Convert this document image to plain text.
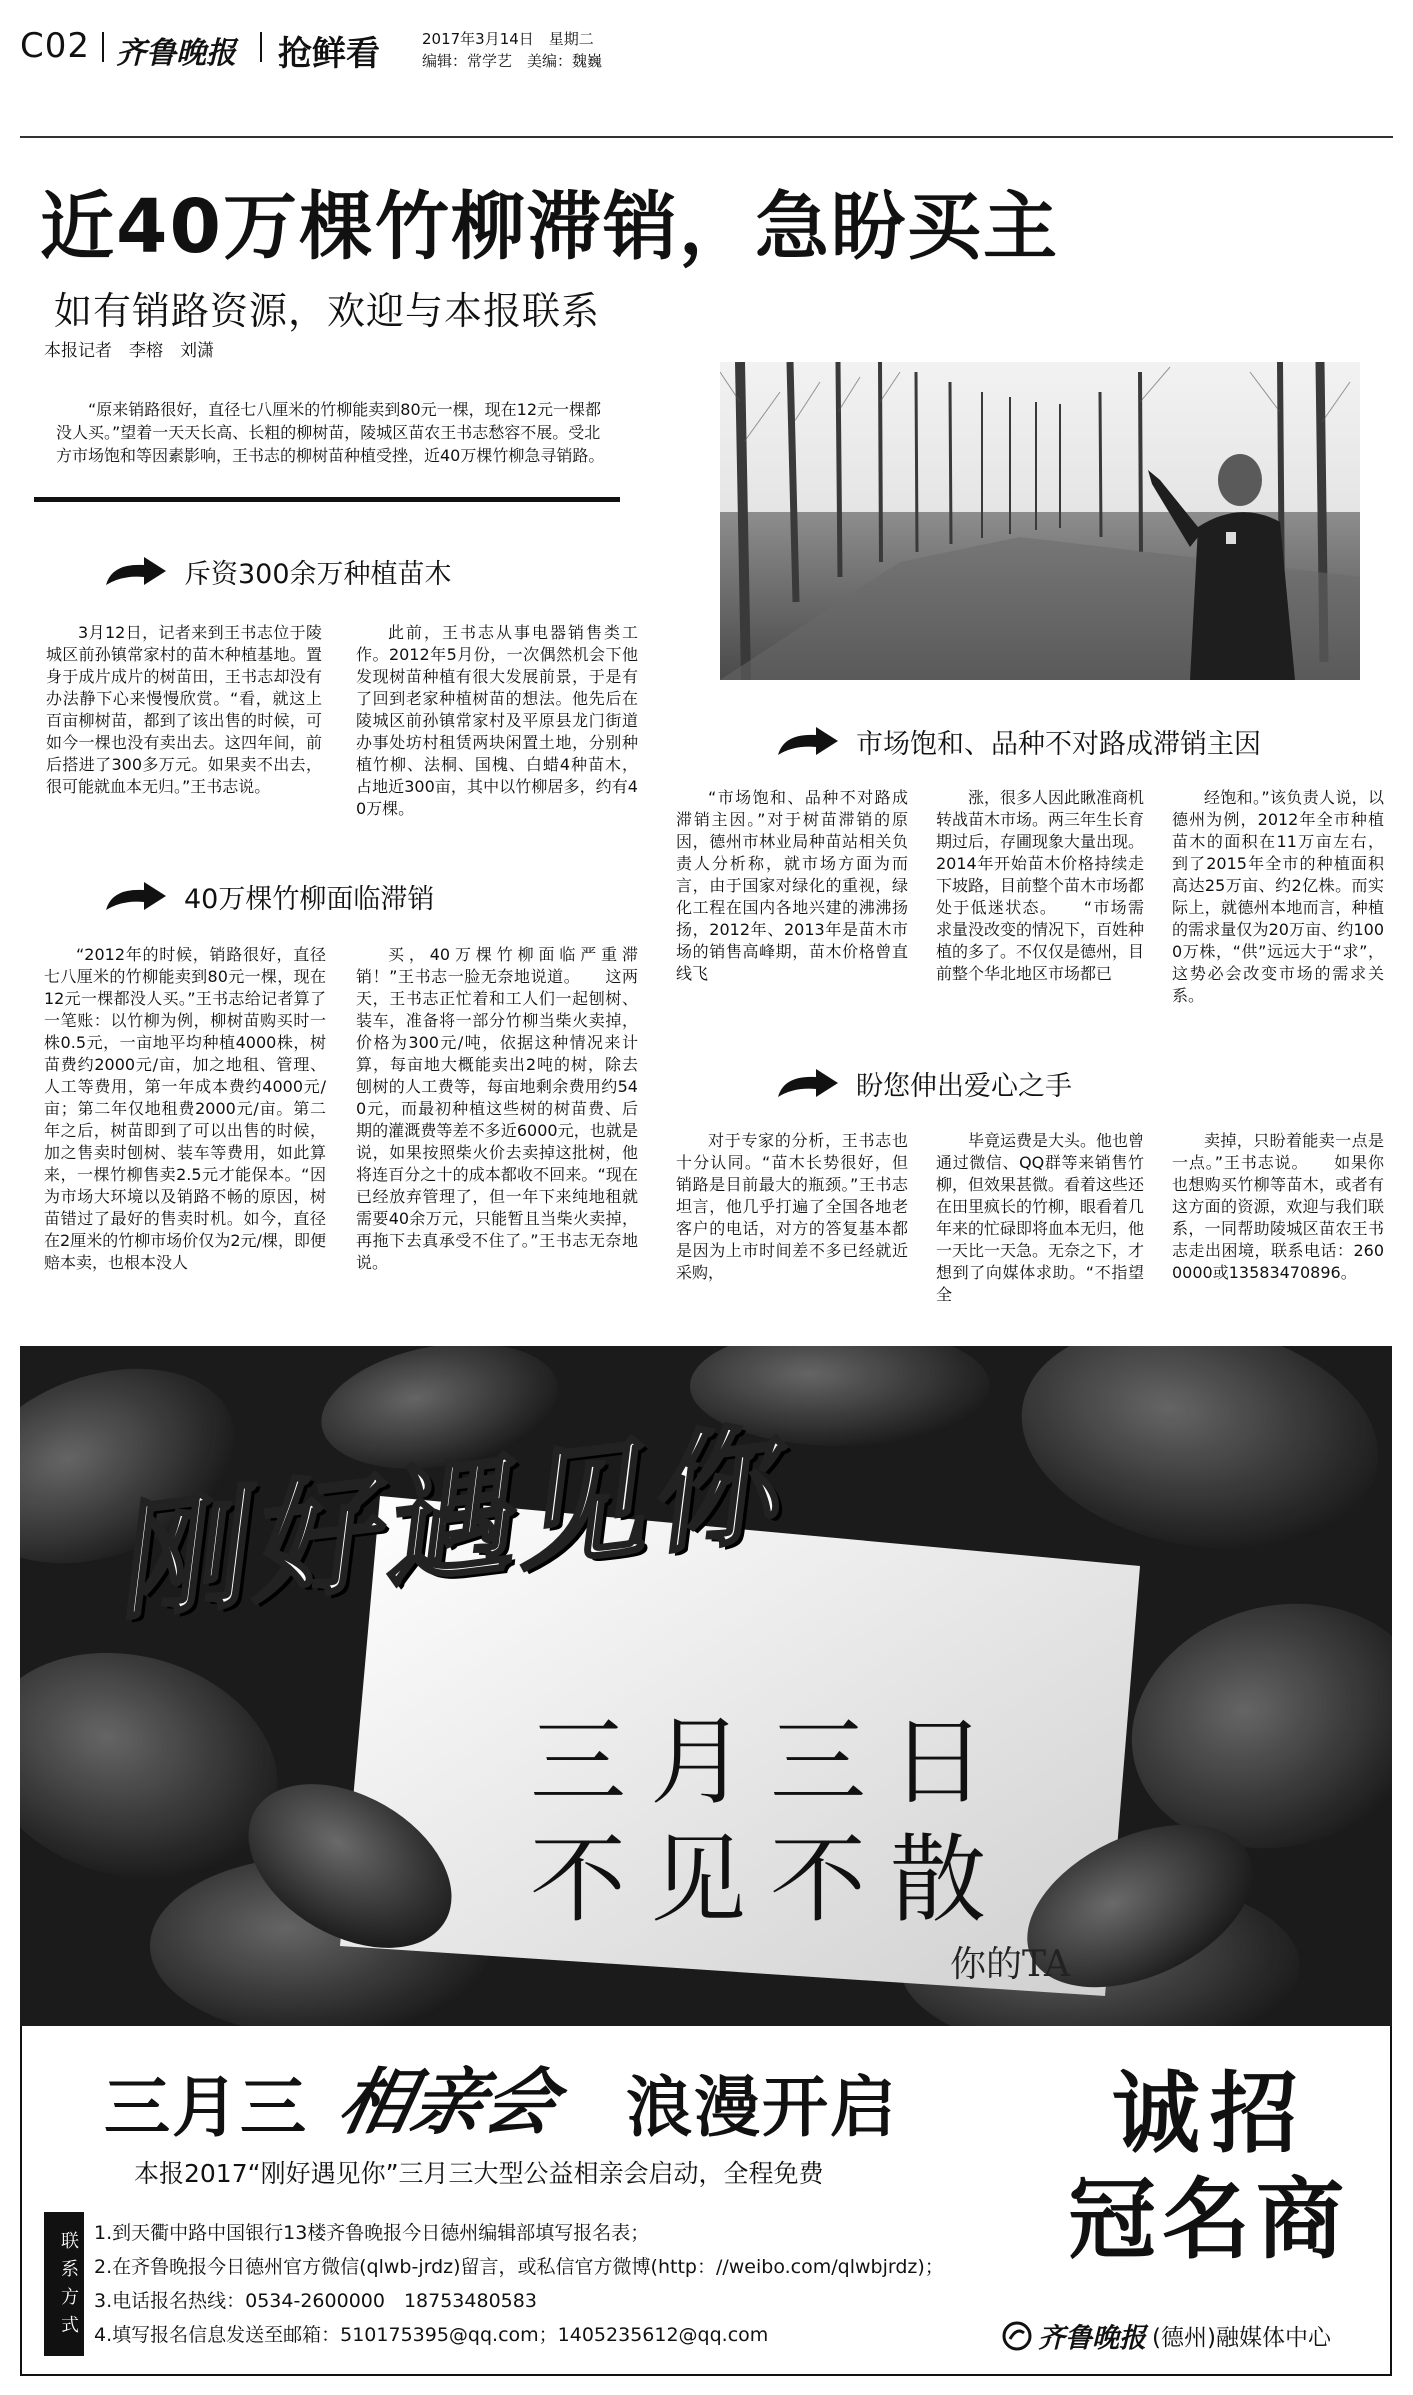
C02 齐鲁晚报 抢鲜看	2017年3月14日　星期二
编辑：常学艺　美编：魏巍
近40万棵竹柳滞销，急盼买主
如有销路资源，欢迎与本报联系
本报记者　李榕　刘潇
“原来销路很好，直径七八厘米的竹柳能卖到80元一棵，现在12元一棵都没人买。”望着一天天长高、长粗的柳树苗，陵城区苗农王书志愁容不展。受北方市场饱和等因素影响，王书志的柳树苗种植受挫，近40万棵竹柳急寻销路。
斥资300余万种植苗木
3月12日，记者来到王书志位于陵城区前孙镇常家村的苗木种植基地。置身于成片成片的树苗田，王书志却没有办法静下心来慢慢欣赏。“看，就这上百亩柳树苗，都到了该出售的时候，可如今一棵也没有卖出去。这四年间，前后搭进了300多万元。如果卖不出去，很可能就血本无归。”王书志说。
此前，王书志从事电器销售类工作。2012年5月份，一次偶然机会下他发现树苗种植有很大发展前景，于是有了回到老家种植树苗的想法。他先后在陵城区前孙镇常家村及平原县龙门街道办事处坊村租赁两块闲置土地，分别种植竹柳、法桐、国槐、白蜡4种苗木，占地近300亩，其中以竹柳居多，约有40万棵。
40万棵竹柳面临滞销
“2012年的时候，销路很好，直径七八厘米的竹柳能卖到80元一棵，现在12元一棵都没人买。”王书志给记者算了一笔账：以竹柳为例，柳树苗购买时一株0.5元，一亩地平均种植4000株，树苗费约2000元/亩，加之地租、管理、人工等费用，第一年成本费约4000元/亩；第二年仅地租费2000元/亩。第二年之后，树苗即到了可以出售的时候，加之售卖时刨树、装车等费用，如此算来，一棵竹柳售卖2.5元才能保本。“因为市场大环境以及销路不畅的原因，树苗错过了最好的售卖时机。如今，直径在2厘米的竹柳市场价仅为2元/棵，即便赔本卖，也根本没人
买，40万棵竹柳面临严重滞销！”王书志一脸无奈地说道。　　这两天，王书志正忙着和工人们一起刨树、装车，准备将一部分竹柳当柴火卖掉，价格为300元/吨，依据这种情况来计算，每亩地大概能卖出2吨的树，除去刨树的人工费等，每亩地剩余费用约540元，而最初种植这些树的树苗费、后期的灌溉费等差不多近6000元，也就是说，如果按照柴火价去卖掉这批树，他将连百分之十的成本都收不回来。“现在已经放弃管理了，但一年下来纯地租就需要40余万元，只能暂且当柴火卖掉，再拖下去真承受不住了。”王书志无奈地说。
市场饱和、品种不对路成滞销主因
“市场饱和、品种不对路成滞销主因。”对于树苗滞销的原因，德州市林业局种苗站相关负责人分析称，就市场方面为而言，由于国家对绿化的重视，绿化工程在国内各地兴建的沸沸扬扬，2012年、2013年是苗木市场的销售高峰期，苗木价格曾直线飞
涨，很多人因此瞅准商机转战苗木市场。两三年生长育期过后，存圃现象大量出现。2014年开始苗木价格持续走下坡路，目前整个苗木市场都处于低迷状态。　　“市场需求量没改变的情况下，百姓种植的多了。不仅仅是德州，目前整个华北地区市场都已
经饱和。”该负责人说，以德州为例，2012年全市种植苗木的面积在11万亩左右，到了2015年全市的种植面积高达25万亩、约2亿株。而实际上，就德州本地而言，种植的需求量仅为20万亩、约1000万株，“供”远远大于“求”，这势必会改变市场的需求关系。
盼您伸出爱心之手
对于专家的分析，王书志也十分认同。“苗木长势很好，但销路是目前最大的瓶颈。”王书志坦言，他几乎打遍了全国各地老客户的电话，对方的答复基本都是因为上市时间差不多已经就近采购，
毕竟运费是大头。他也曾通过微信、QQ群等来销售竹柳，但效果甚微。看着这些还在田里疯长的竹柳，眼看着几年来的忙碌即将血本无归，他一天比一天急。无奈之下，才想到了向媒体求助。“不指望全
卖掉，只盼着能卖一点是一点。”王书志说。　　如果你也想购买竹柳等苗木，或者有这方面的资源，欢迎与我们联系，一同帮助陵城区苗农王书志走出困境，联系电话：2600000或13583470896。
刚好遇见你
三月三日
不见不散
你的TA
三月三 相亲会 浪漫开启
本报2017“刚好遇见你”三月三大型公益相亲会启动，全程免费
联系方式 1.到天衢中路中国银行13楼齐鲁晚报今日德州编辑部填写报名表；
2.在齐鲁晚报今日德州官方微信(qlwb-jrdz)留言，或私信官方微博(http：//weibo.com/qlwbjrdz)；
3.电话报名热线：0534-2600000　18753480583
4.填写报名信息发送至邮箱：510175395@qq.com；1405235612@qq.com
诚招
冠名商
齐鲁晚报 (德州)融媒体中心
